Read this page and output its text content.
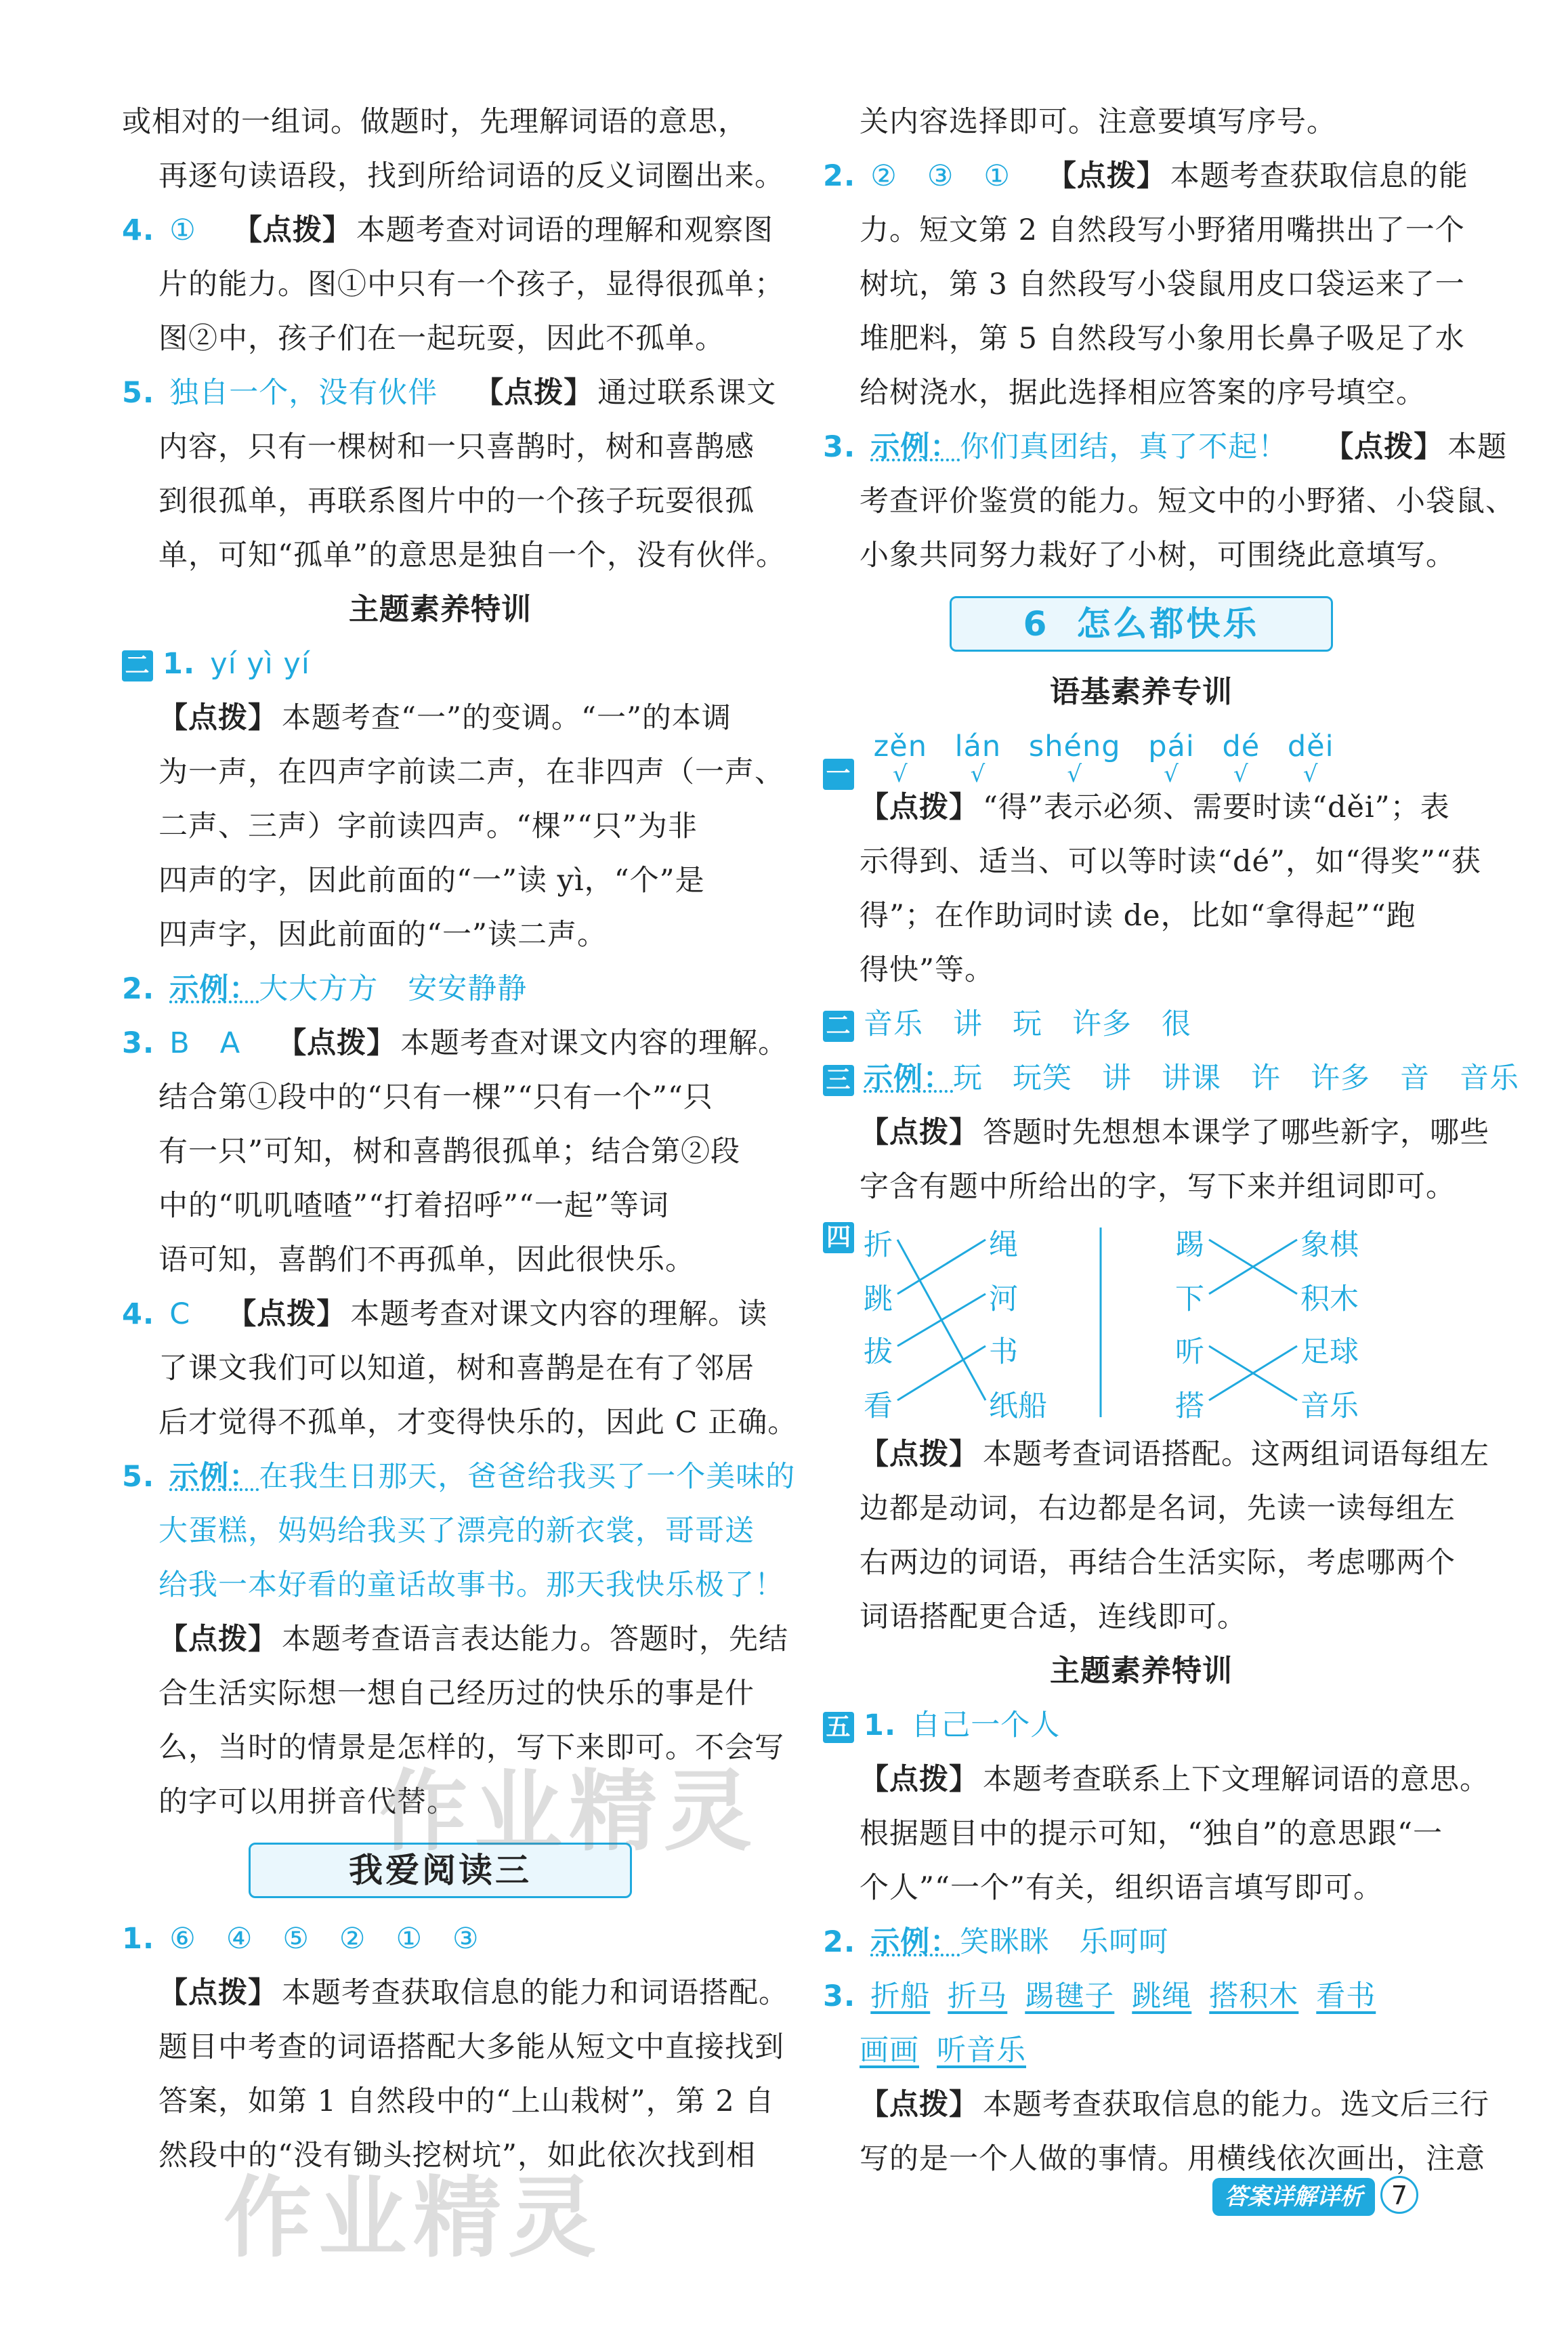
或相对的一组词。做题时，先理解词语的意思，
再逐句读语段，找到所给词语的反义词圈出来。
4. ① 【点拨】 本题考查对词语的理解和观察图
片的能力。图①中只有一个孩子，显得很孤单；
图②中，孩子们在一起玩耍，因此不孤单。
5. 独自一个，没有伙伴 【点拨】 通过联系课文
内容，只有一棵树和一只喜鹊时，树和喜鹊感
到很孤单，再联系图片中的一个孩子玩耍很孤
单，可知“孤单”的意思是独自一个，没有伙伴。
主题素养特训
二 1. yí yì yí
【点拨】 本题考查“一”的变调。“一”的本调
为一声，在四声字前读二声，在非四声（一声、
二声、三声）字前读四声。“棵”“只”为非
四声的字，因此前面的“一”读 yì，“个”是
四声字，因此前面的“一”读二声。
2. 示例：大大方方　安安静静
3. B　A 【点拨】 本题考查对课文内容的理解。
结合第①段中的“只有一棵”“只有一个”“只
有一只”可知，树和喜鹊很孤单；结合第②段
中的“叽叽喳喳”“打着招呼”“一起”等词
语可知，喜鹊们不再孤单，因此很快乐。
4. C 【点拨】 本题考查对课文内容的理解。读
了课文我们可以知道，树和喜鹊是在有了邻居
后才觉得不孤单，才变得快乐的，因此 C 正确。
5. 示例：在我生日那天，爸爸给我买了一个美味的
大蛋糕，妈妈给我买了漂亮的新衣裳，哥哥送
给我一本好看的童话故事书。那天我快乐极了！
【点拨】 本题考查语言表达能力。答题时，先结
合生活实际想一想自己经历过的快乐的事是什
么，当时的情景是怎样的，写下来即可。不会写
的字可以用拼音代替。
我爱阅读三
1. ⑥　④　⑤　②　①　③
【点拨】 本题考查获取信息的能力和词语搭配。
题目中考查的词语搭配大多能从短文中直接找到
答案，如第 1 自然段中的“上山栽树”，第 2 自
然段中的“没有锄头挖树坑”，如此依次找到相
关内容选择即可。注意要填写序号。
2. ②　③　① 【点拨】 本题考查获取信息的能
力。短文第 2 自然段写小野猪用嘴拱出了一个
树坑，第 3 自然段写小袋鼠用皮口袋运来了一
堆肥料，第 5 自然段写小象用长鼻子吸足了水
给树浇水，据此选择相应答案的序号填空。
3. 示例：你们真团结，真了不起！ 【点拨】 本题
考查评价鉴赏的能力。短文中的小野猪、小袋鼠、
小象共同努力栽好了小树，可围绕此意填写。
6 怎么都快乐
语基素养专训
一 zěn
√
lán
√
shéng
√
pái
√
dé
√
děi
√
【点拨】 “得”表示必须、需要时读“děi”；表
示得到、适当、可以等时读“dé”，如“得奖”“获
得”；在作助词时读 de，比如“拿得起”“跑
得快”等。
二 音乐　讲　玩　许多　很
三 示例：玩　玩笑　讲　讲课　许　许多　音　音乐
【点拨】 答题时先想想本课学了哪些新字，哪些
字含有题中所给出的字，写下来并组词即可。
四 折
跳
拔
看
绳
河
书
纸船
踢
下
听
搭
象棋
积木
足球
音乐
【点拨】 本题考查词语搭配。这两组词语每组左
边都是动词，右边都是名词，先读一读每组左
右两边的词语，再结合生活实际，考虑哪两个
词语搭配更合适，连线即可。
主题素养特训
五 1. 自己一个人
【点拨】 本题考查联系上下文理解词语的意思。
根据题目中的提示可知，“独自”的意思跟“一
个人”“一个”有关，组织语言填写即可。
2. 示例：笑眯眯　乐呵呵
3. 折船 折马 踢毽子 跳绳 搭积木 看书
画画 听音乐
【点拨】 本题考查获取信息的能力。选文后三行
写的是一个人做的事情。用横线依次画出，注意
作业精灵
作业精灵	答案详解详析 7
